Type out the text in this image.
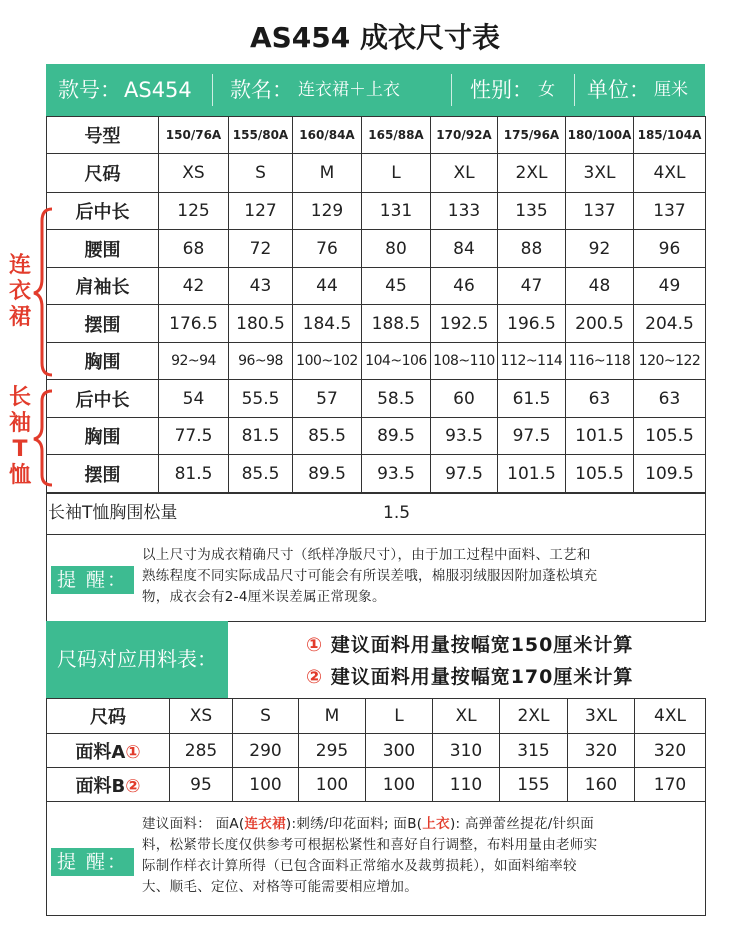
AS454 成衣尺寸表
款号： AS454 款名： 连衣裙＋上衣	性别： 女 单位： 厘米
号型	150/76A	155/80A	160/84A	165/88A	170/92A	175/96A	180/100A	185/104A
尺码	XS	S	M	L	XL	2XL	3XL	4XL
后中长	125	127	129	131	133	135	137	137
腰围	68	72	76	80	84	88	92	96
肩袖长	42	43	44	45	46	47	48	49
摆围	176.5	180.5	184.5	188.5	192.5	196.5	200.5	204.5
胸围	92~94	96~98	100~102	104~106	108~110	112~114	116~118	120~122
后中长	54	55.5	57	58.5	60	61.5	63	63
胸围	77.5	81.5	85.5	89.5	93.5	97.5	101.5	105.5
摆围	81.5	85.5	89.5	93.5	97.5	101.5	105.5	109.5
长袖T恤胸围松量	1.5
连
衣
裙
长
袖
T
恤
提 醒：
以上尺寸为成衣精确尺寸（纸样净版尺寸），由于加工过程中面料、工艺和
熟练程度不同实际成品尺寸可能会有所误差哦，棉服羽绒服因附加蓬松填充
物，成衣会有2-4厘米误差属正常现象。
尺码对应用料表：
① 建议面料用量按幅宽150厘米计算
② 建议面料用量按幅宽170厘米计算
尺码	XS	S	M	L	XL	2XL	3XL	4XL
面料A①	285	290	295	300	310	315	320	320
面料B②	95	100	100	100	110	155	160	170
提 醒：
建议面料： 面A(连衣裙):刺绣/印花面料; 面B(上衣): 高弹蕾丝提花/针织面
料，松紧带长度仅供参考可根据松紧性和喜好自行调整，布料用量由老师实
际制作样衣计算所得（已包含面料正常缩水及裁剪损耗），如面料缩率较
大、顺毛、定位、对格等可能需要相应增加。
